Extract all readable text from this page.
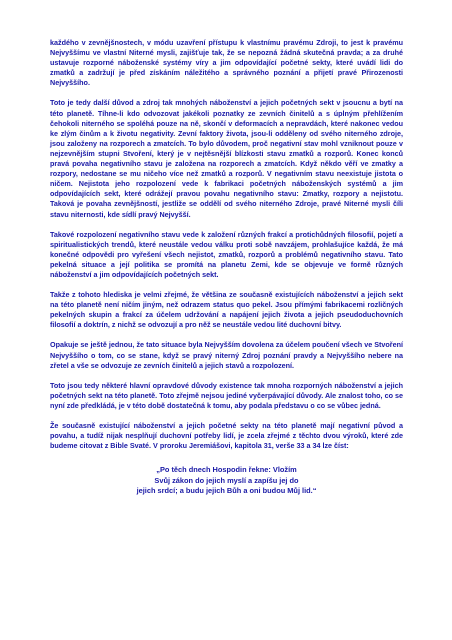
každého v zevnějšnostech, v módu uzavření přístupu k vlastnímu pravému Zdroji, to jest k pravému Nejvyššímu ve vlastní Niterné mysli, zajišťuje tak, že se nepozná žádná skutečná pravda; a za druhé ustavuje rozporné náboženské systémy víry a jim odpovídající početné sekty, které uvádí lidi do zmatků a zadržují je před získáním náležitého a správného poznání a přijetí pravé Přirozenosti Nejvyššího.

Toto je tedy další důvod a zdroj tak mnohých náboženství a jejich početných sekt v jsoucnu a bytí na této planetě. Tíhne-li kdo odvozovat jakékoli poznatky ze zevních činitelů a s úplným přehlížením čehokoli niterného se spoléhá pouze na ně, skončí v deformacích a nepravdách, které nakonec vedou ke zlým činům a k životu negativity. Zevní faktory života, jsou-li odděleny od svého niterného zdroje, jsou založeny na rozporech a zmatcích. To bylo důvodem, proč negativní stav mohl vzniknout pouze v nejzevnějším stupni Stvoření, který je v nejtěsnější blízkosti stavu zmatků a rozporů. Konec konců pravá povaha negativního stavu je založena na rozporech a zmatcích. Když někdo věří ve zmatky a rozpory, nedostane se mu ničeho více než zmatků a rozporů. V negativním stavu neexistuje jistota o ničem. Nejistota jeho rozpolození vede k fabrikaci početných náboženských systémů a jim odpovídajících sekt, které odrážejí pravou povahu negativního stavu: Zmatky, rozpory a nejistotu. Taková je povaha zevnějšností, jestliže se oddělí od svého niterného Zdroje, pravé Niterné mysli číli stavu niternosti, kde sídlí pravý Nejvyšší.

Takové rozpolození negativního stavu vede k založení různých frakcí a protichůdných filosofií, pojetí a spiritualistických trendů, které neustále vedou válku proti sobě navzájem, prohlašujíce každá, že má konečné odpovědi pro vyřešení všech nejistot, zmatků, rozporů a problémů negativního stavu. Tato pekelná situace a její politika se promítá na planetu Zemi, kde se objevuje ve formě různých náboženství a jim odpovídajících početných sekt.

Takže z tohoto hlediska je velmi zřejmé, že většina ze současně existujících náboženství a jejich sekt na této planetě není ničím jiným, než odrazem status quo pekel. Jsou přímými fabrikacemi rozličných pekelných skupin a frakcí za účelem udržování a napájení jejich života a jejich pseudoduchovních filosofií a doktrín, z nichž se odvozují a pro něž se neustále vedou lité duchovní bitvy.

Opakuje se ještě jednou, že tato situace byla Nejvyšším dovolena za účelem poučení všech ve Stvoření Nejvyššího o tom, co se stane, když se pravý niterný Zdroj poznání pravdy a Nejvyššího nebere na zřetel a vše se odvozuje ze zevních činitelů a jejich stavů a rozpolození.

Toto jsou tedy některé hlavní opravdové důvody existence tak mnoha rozporných náboženství a jejich početných sekt na této planetě. Toto zřejmě nejsou jediné vyčerpávající důvody. Ale znalost toho, co se nyní zde předkládá, je v této době dostatečná k tomu, aby podala představu o co se vůbec jedná.

Že současně existující náboženství a jejich početné sekty na této planetě mají negativní původ a povahu, a tudíž nijak nesplňují duchovní potřeby lidí, je zcela zřejmé z těchto dvou výroků, které zde budeme citovat z Bible Svaté. V proroku Jeremiášovi, kapitola 31, verše 33 a 34 lze číst:

„Po těch dnech Hospodin řekne: Vložím
Svůj zákon do jejich myslí a zapíšu jej do
jejich srdcí; a budu jejich Bůh a oni budou Můj lid.“
